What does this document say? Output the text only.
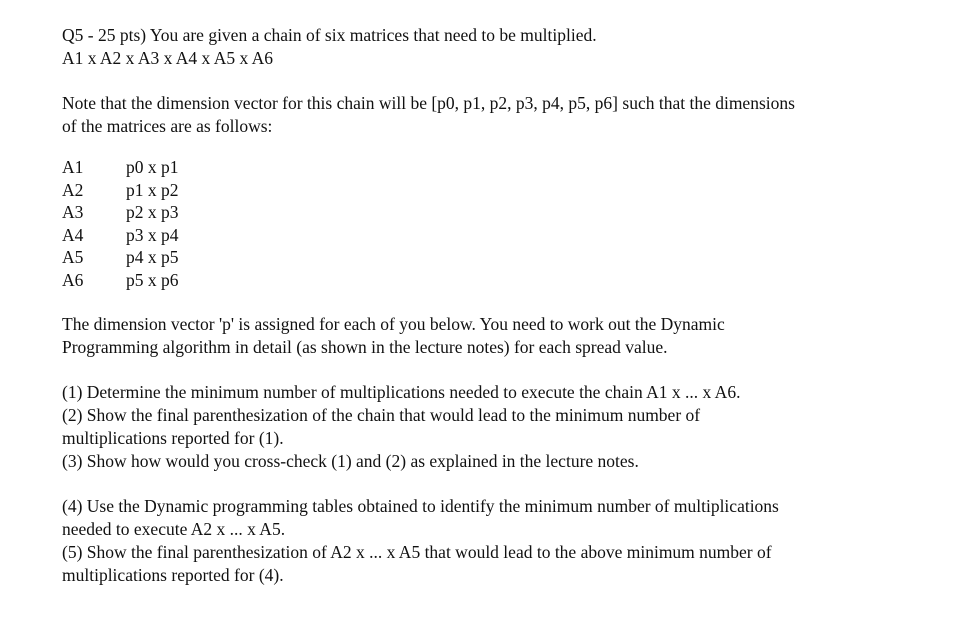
Q5 - 25 pts) You are given a chain of six matrices that need to be multiplied.

A1 x A2 x A3 x A4 x A5 x A6

Note that the dimension vector for this chain will be [p0, p1, p2, p3, p4, p5, p6] such that the dimensions

of the matrices are as follows:

A1	p0 x p1
A2	p1 x p2
A3	p2 x p3
A4	p3 x p4
A5	p4 x p5
A6	p5 x p6

The dimension vector 'p' is assigned for each of you below. You need to work out the Dynamic

Programming algorithm in detail (as shown in the lecture notes) for each spread value.

(1) Determine the minimum number of multiplications needed to execute the chain A1 x ... x A6.

(2) Show the final parenthesization of the chain that would lead to the minimum number of

multiplications reported for (1).

(3) Show how would you cross-check (1) and (2) as explained in the lecture notes.

(4) Use the Dynamic programming tables obtained to identify the minimum number of multiplications

needed to execute A2 x ... x A5.

(5) Show the final parenthesization of A2 x ... x A5 that would lead to the above minimum number of

multiplications reported for (4).
